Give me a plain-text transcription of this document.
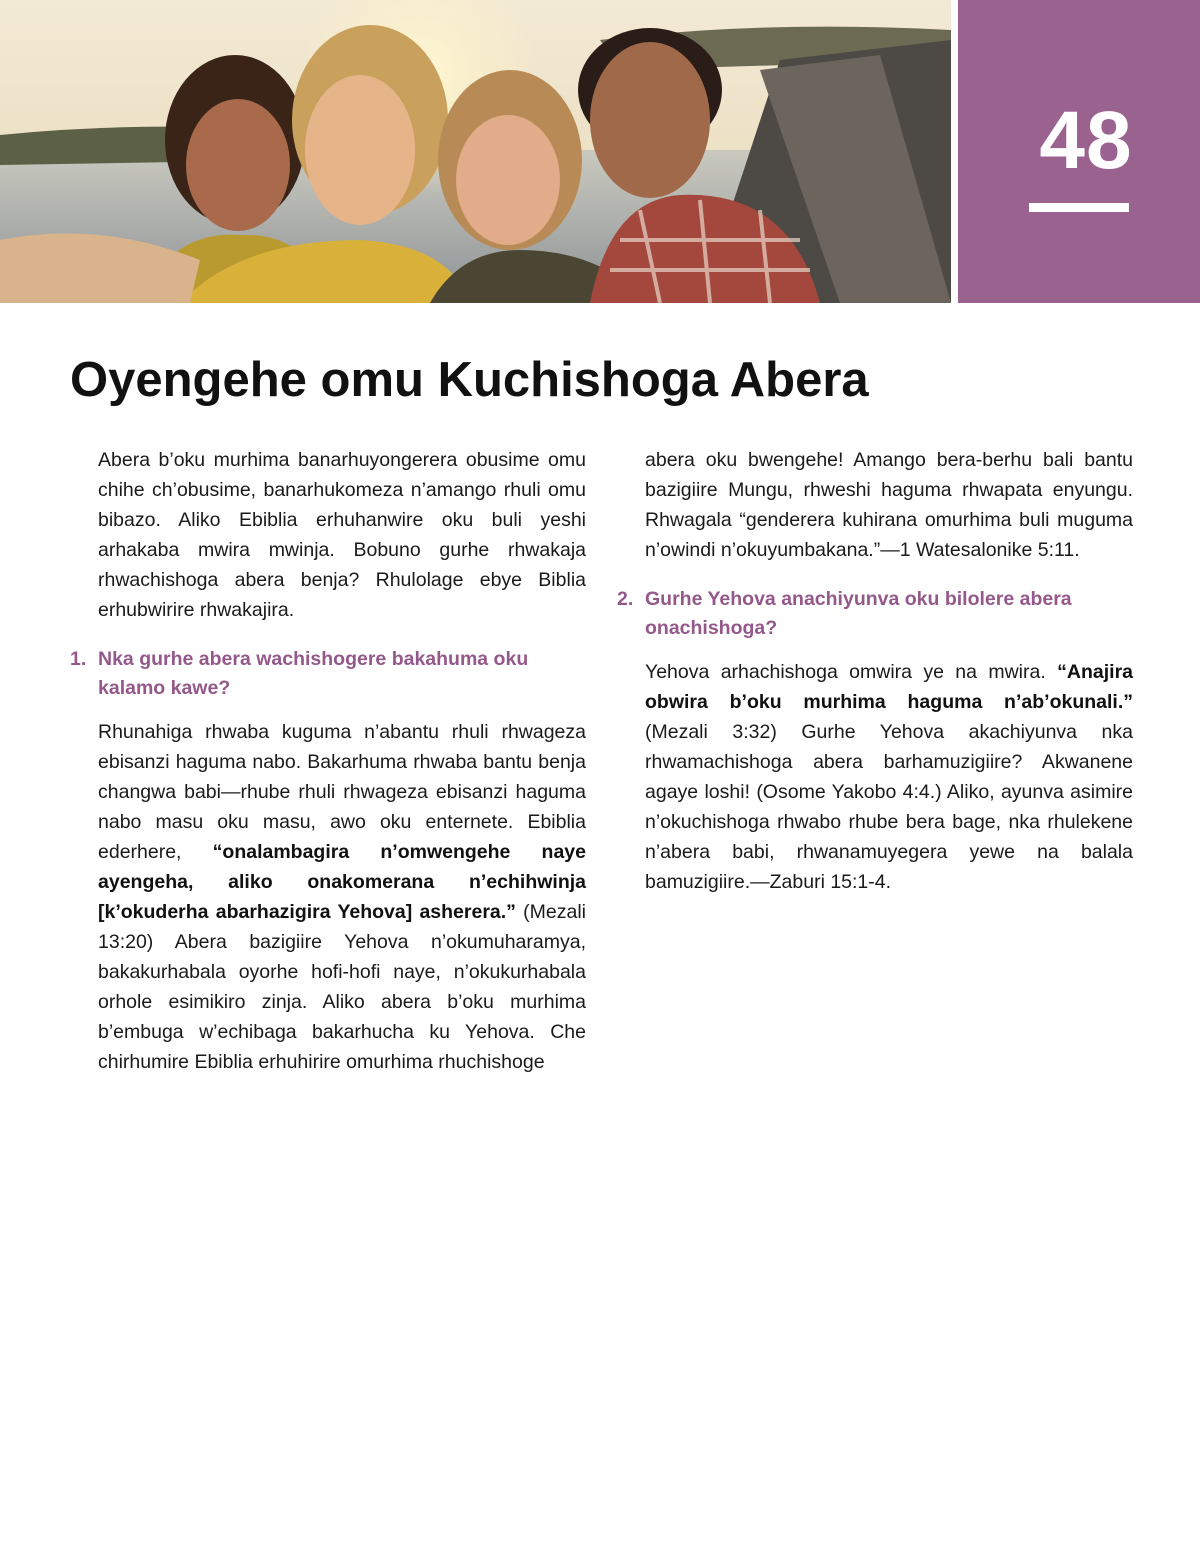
48
Oyengehe omu Kuchishoga Abera

Abera b’oku murhima banarhuyongerera obusime omu chihe ch’obusime, banarhukomeza n’amango rhuli omu bibazo. Aliko Ebiblia erhuhanwire oku buli yeshi arhakaba mwira mwinja. Bobuno gurhe rhwakaja rhwachishoga abera benja? Rhulolage ebye Biblia erhubwirire rhwakajira.

1. Nka gurhe abera wachishogere bakahuma oku kalamo kawe?

Rhunahiga rhwaba kuguma n’abantu rhuli rhwageza ebisanzi haguma nabo. Bakarhuma rhwaba bantu benja changwa babi—rhube rhuli rhwageza ebisanzi haguma nabo masu oku masu, awo oku enternete. Ebiblia ederhere, “onalambagira n’omwengehe naye ayengeha, aliko onakomerana n’echihwinja [k’okuderha abarhazigira Yehova] asherera.” (Mezali 13:20) Abera bazigiire Yehova n’okumuharamya, bakakurhabala oyorhe hofi-hofi naye, n’okukurhabala orhole esimikiro zinja. Aliko abera b’oku murhima b’embuga w’echibaga bakarhucha ku Yehova. Che chirhumire Ebiblia erhuhirire omurhima rhuchishoge

abera oku bwengehe! Amango bera-berhu bali bantu bazigiire Mungu, rhweshi haguma rhwapata enyungu. Rhwagala “genderera kuhirana omurhima buli muguma n’owindi n’okuyumbakana.”—1 Watesalonike 5:11.

2. Gurhe Yehova anachiyunva oku bilolere abera onachishoga?

Yehova arhachishoga omwira ye na mwira. “Anajira obwira b’oku murhima haguma n’ab’okunali.” (Mezali 3:32) Gurhe Yehova akachiyunva nka rhwamachishoga abera barhamuzigiire? Akwanene agaye loshi! (Osome Yakobo 4:4.) Aliko, ayunva asimire n’okuchishoga rhwabo rhube bera bage, nka rhulekene n’abera babi, rhwanamuyegera yewe na balala bamuzigiire.—Zaburi 15:1-4.
